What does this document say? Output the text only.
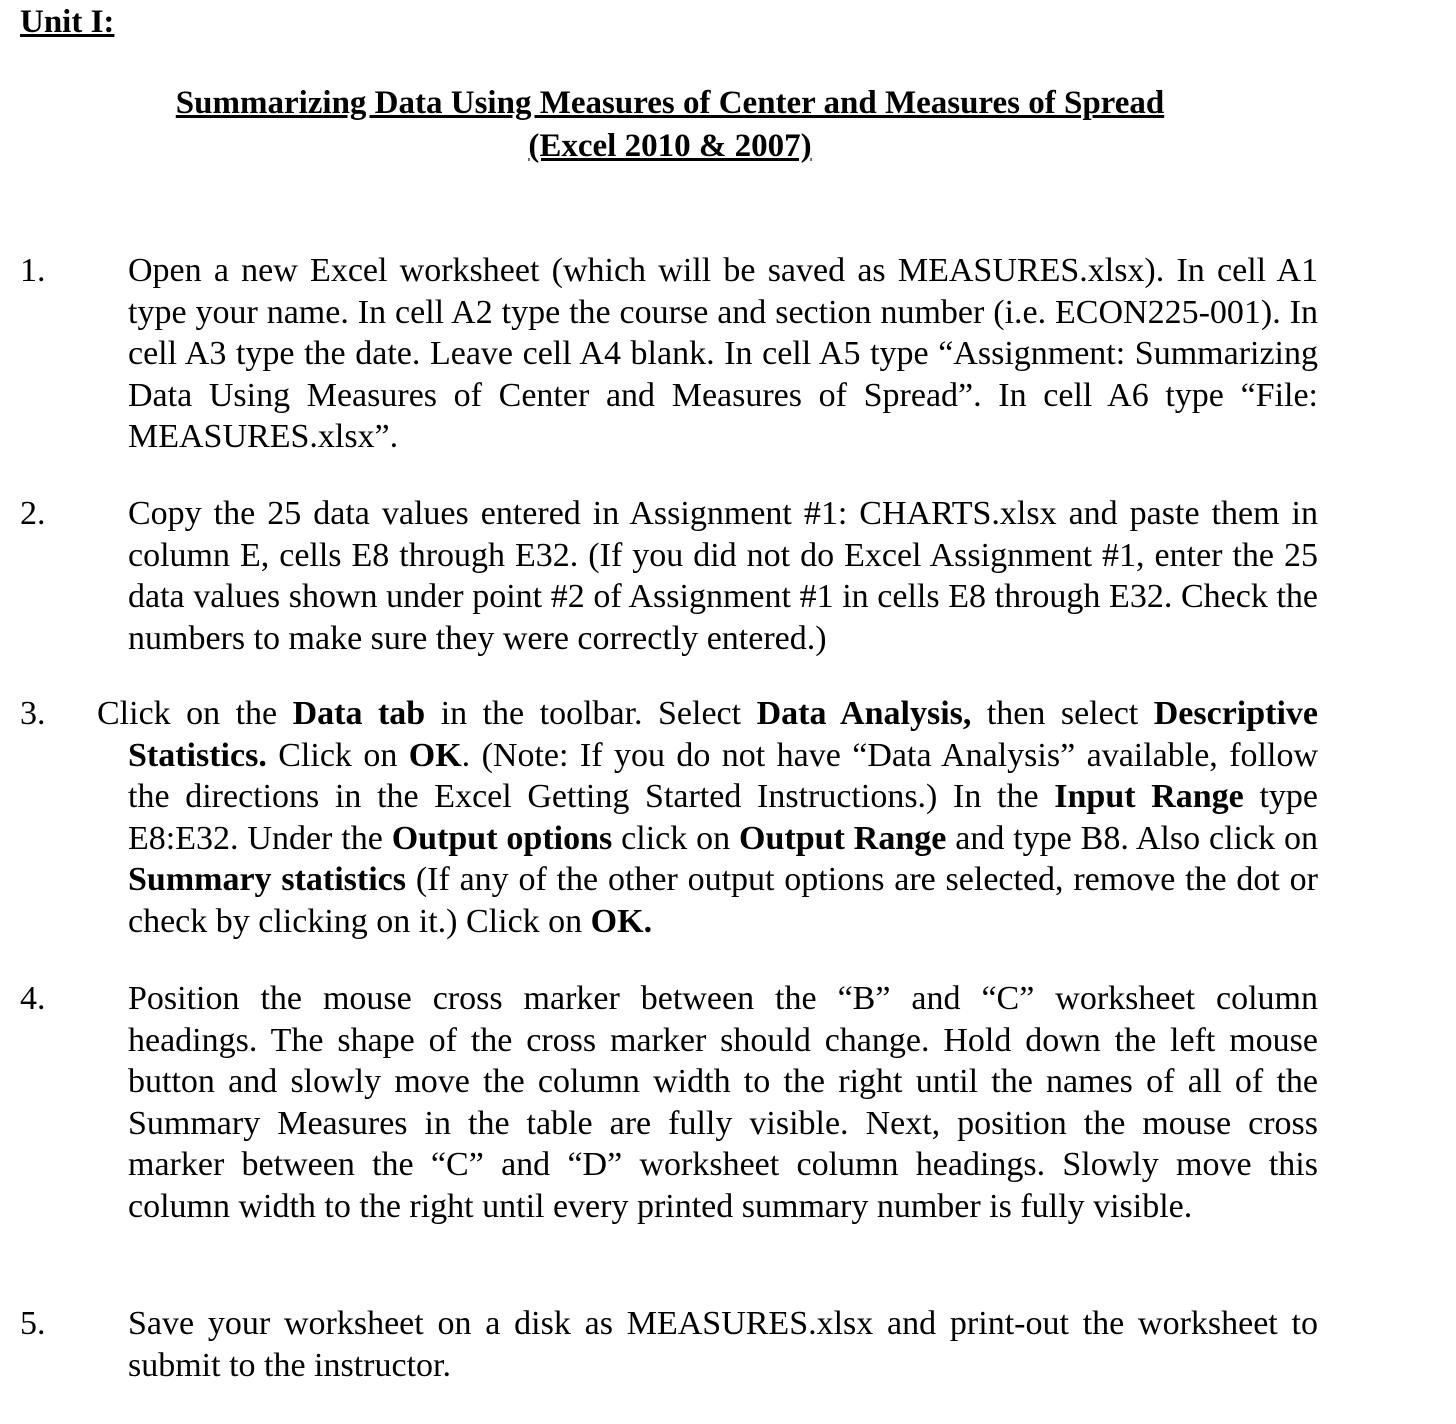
Unit I:
Summarizing Data Using Measures of Center and Measures of Spread
(Excel 2010 & 2007)
1.	Open a new Excel worksheet (which will be saved as MEASURES.xlsx). In cell A1 type your name. In cell A2 type the course and section number (i.e. ECON225-001). In cell A3 type the date. Leave cell A4 blank. In cell A5 type “Assignment: Summarizing Data Using Measures of Center and Measures of Spread”. In cell A6 type “File: MEASURES.xlsx”.
2.	Copy the 25 data values entered in Assignment #1: CHARTS.xlsx and paste them in column E, cells E8 through E32. (If you did not do Excel Assignment #1, enter the 25 data values shown under point #2 of Assignment #1 in cells E8 through E32. Check the numbers to make sure they were correctly entered.)
3.	Click on the Data tab in the toolbar. Select Data Analysis, then select Descriptive Statistics. Click on OK. (Note: If you do not have “Data Analysis” available, follow the directions in the Excel Getting Started Instructions.) In the Input Range type E8:E32. Under the Output options click on Output Range and type B8. Also click on Summary statistics (If any of the other output options are selected, remove the dot or check by clicking on it.) Click on OK.
4.	Position the mouse cross marker between the “B” and “C” worksheet column headings. The shape of the cross marker should change. Hold down the left mouse button and slowly move the column width to the right until the names of all of the Summary Measures in the table are fully visible. Next, position the mouse cross marker between the “C” and “D” worksheet column headings. Slowly move this column width to the right until every printed summary number is fully visible.
5.	Save your worksheet on a disk as MEASURES.xlsx and print-out the worksheet to submit to the instructor.
